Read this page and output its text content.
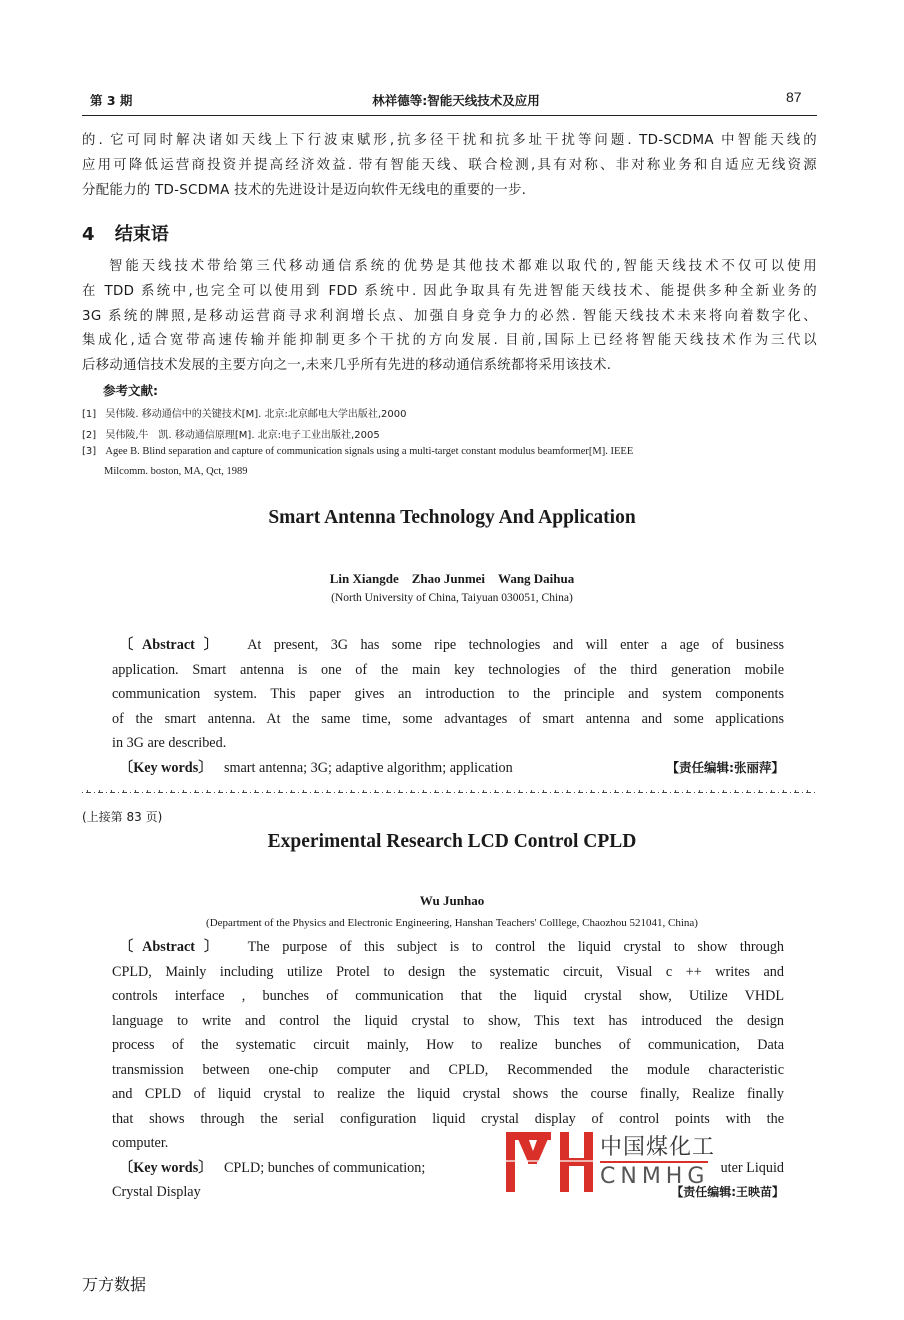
第 3 期	林祥德等:智能天线技术及应用	87
的. 它可同时解决诸如天线上下行波束赋形,抗多径干扰和抗多址干扰等问题. TD-SCDMA 中智能天线的
应用可降低运营商投资并提高经济效益. 带有智能天线、联合检测,具有对称、非对称业务和自适应无线资源
分配能力的 TD-SCDMA 技术的先进设计是迈向软件无线电的重要的一步.
4 结束语
智能天线技术带给第三代移动通信系统的优势是其他技术都难以取代的,智能天线技术不仅可以使用
在 TDD 系统中,也完全可以使用到 FDD 系统中. 因此争取具有先进智能天线技术、能提供多种全新业务的
3G 系统的牌照,是移动运营商寻求利润增长点、加强自身竞争力的必然. 智能天线技术未来将向着数字化、
集成化,适合宽带高速传输并能抑制更多个干扰的方向发展. 目前,国际上已经将智能天线技术作为三代以
后移动通信技术发展的主要方向之一,未来几乎所有先进的移动通信系统都将采用该技术.
参考文献:
[1] 吴伟陵. 移动通信中的关键技术[M]. 北京:北京邮电大学出版社,2000
[2] 吴伟陵,牛　凯. 移动通信原理[M]. 北京:电子工业出版社,2005
[3] Agee B. Blind separation and capture of communication signals using a multi-target constant modulus beamformer[M]. IEEE
Milcomm. boston, MA, Qct, 1989
Smart Antenna Technology And Application
Lin Xiangde　Zhao Junmei　Wang Daihua
(North University of China, Taiyuan 030051, China)
〔Abstract〕 At present, 3G has some ripe technologies and will enter a age of business
application. Smart antenna is one of the main key technologies of the third generation mobile
communication system. This paper gives an introduction to the principle and system components
of the smart antenna. At the same time, some advantages of smart antenna and some applications
in 3G are described.
〔Key words〕 smart antenna; 3G; adaptive algorithm; application	【责任编辑:张丽萍】
(上接第 83 页)
Experimental Research LCD Control CPLD
Wu Junhao
(Department of the Physics and Electronic Engineering, Hanshan Teachers' Colllege, Chaozhou 521041, China)
〔Abstract〕 The purpose of this subject is to control the liquid crystal to show through
CPLD, Mainly including utilize Protel to design the systematic circuit, Visual c ++ writes and
controls interface , bunches of communication that the liquid crystal show, Utilize VHDL
language to write and control the liquid crystal to show, This text has introduced the design
process of the systematic circuit mainly, How to realize bunches of communication, Data
transmission between one-chip computer and CPLD, Recommended the module characteristic
and CPLD of liquid crystal to realize the liquid crystal shows the course finally, Realize finally
that shows through the serial configuration liquid crystal display of control points with the
computer.
〔Key words〕 CPLD; bunches of communication;	uter Liquid
Crystal Display	【责任编辑:王映苗】
中国煤化工
CNMHG
万方数据
